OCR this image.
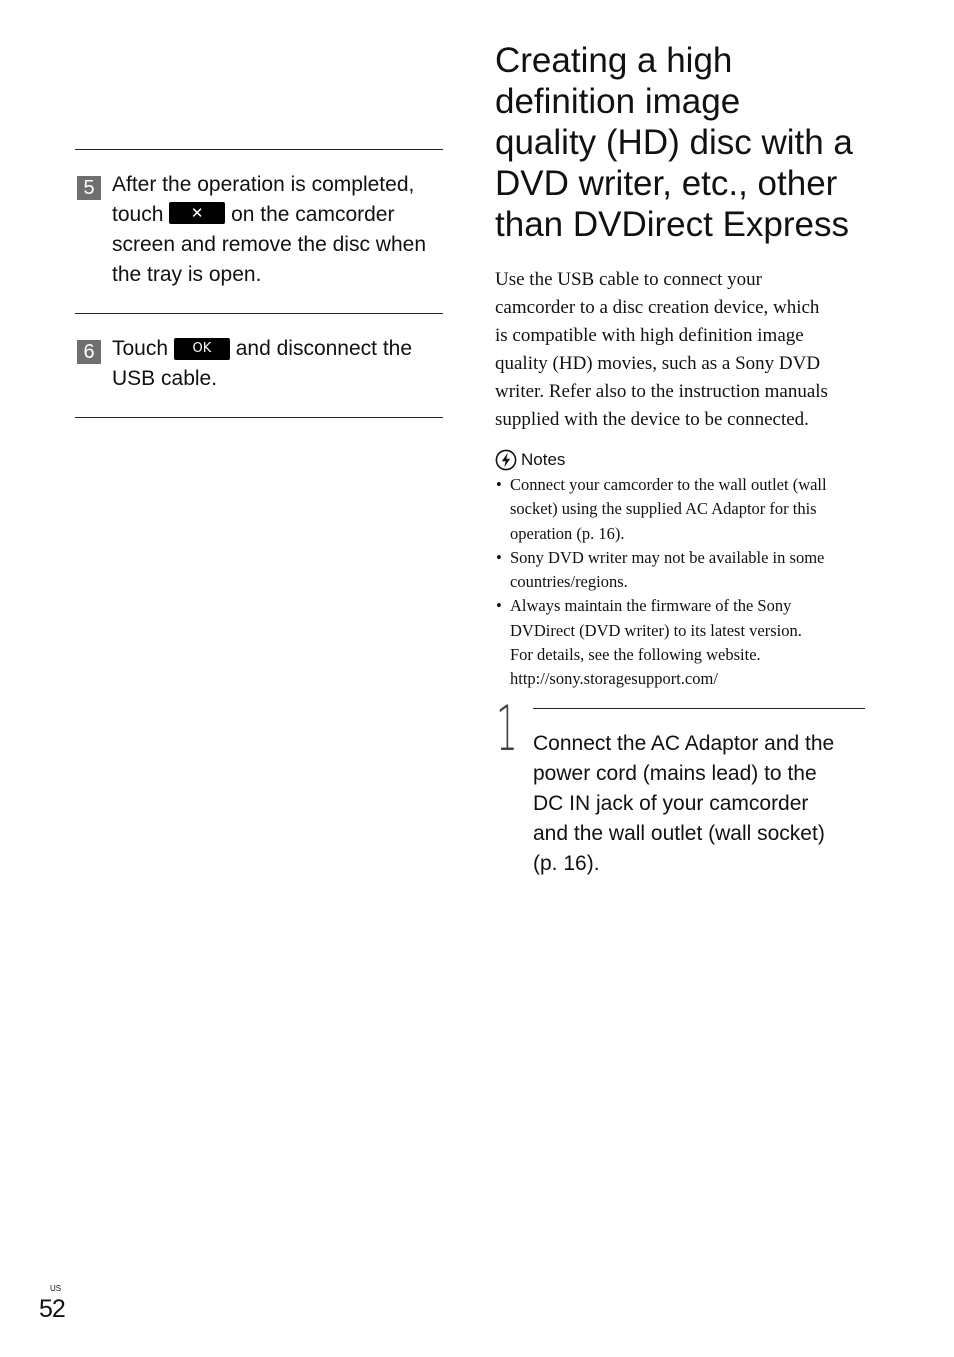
5 After the operation is completed,
touch ✕ on the camcorder
screen and remove the disc when
the tray is open.
6 Touch OK and disconnect the
USB cable.
Creating a high
definition image
quality (HD) disc with a
DVD writer, etc., other
than DVDirect Express
Use the USB cable to connect your
camcorder to a disc creation device, which
is compatible with high definition image
quality (HD) movies, such as a Sony DVD
writer. Refer also to the instruction manuals
supplied with the device to be connected.
Notes
• Connect your camcorder to the wall outlet (wall
socket) using the supplied AC Adaptor for this
operation (p. 16).
• Sony DVD writer may not be available in some
countries/regions.
• Always maintain the firmware of the Sony
DVDirect (DVD writer) to its latest version.
For details, see the following website.
http://sony.storagesupport.com/
1 Connect the AC Adaptor and the
power cord (mains lead) to the
DC IN jack of your camcorder
and the wall outlet (wall socket)
(p. 16).
US
52
